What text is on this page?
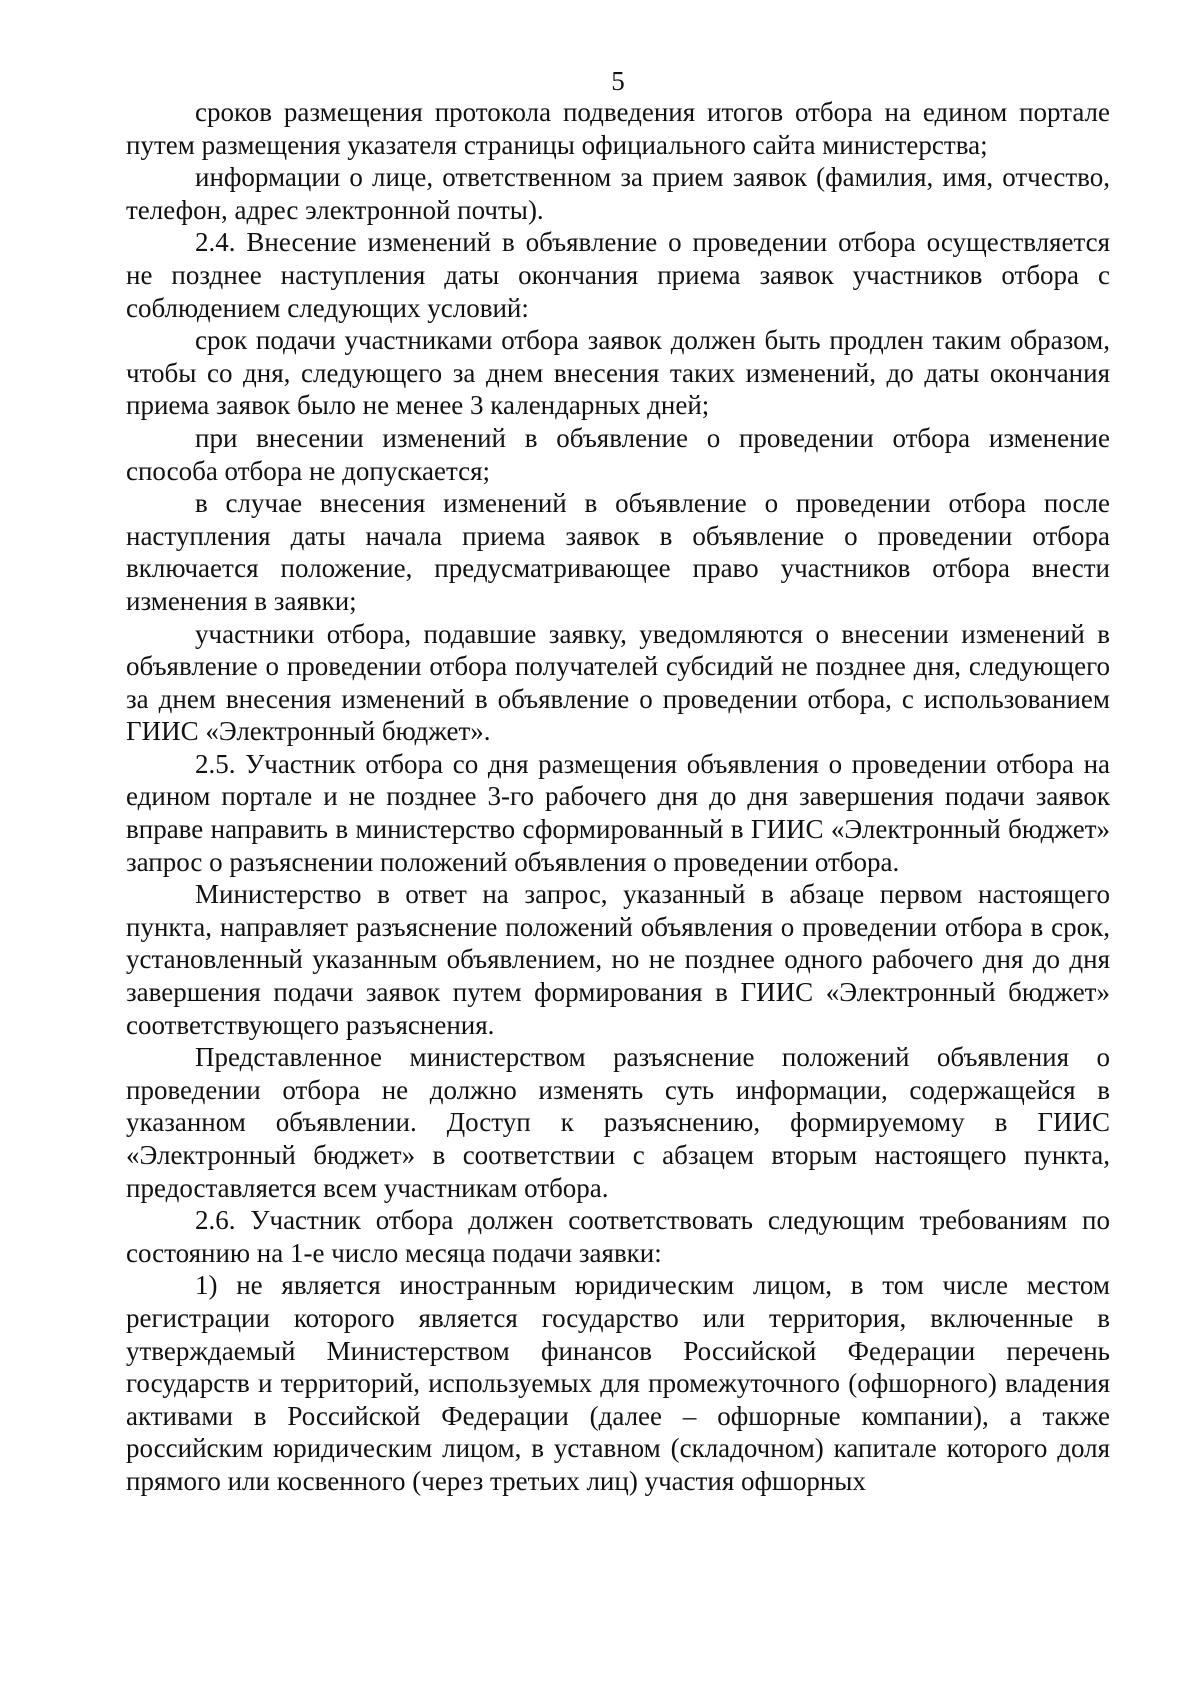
5

сроков размещения протокола подведения итогов отбора на едином портале путем размещения указателя страницы официального сайта министерства;

информации о лице, ответственном за прием заявок (фамилия, имя, отчество, телефон, адрес электронной почты).

2.4. Внесение изменений в объявление о проведении отбора осуществляется не позднее наступления даты окончания приема заявок участников отбора с соблюдением следующих условий:

срок подачи участниками отбора заявок должен быть продлен таким образом, чтобы со дня, следующего за днем внесения таких изменений, до даты окончания приема заявок было не менее 3 календарных дней;

при внесении изменений в объявление о проведении отбора изменение способа отбора не допускается;

в случае внесения изменений в объявление о проведении отбора после наступления даты начала приема заявок в объявление о проведении отбора включается положение, предусматривающее право участников отбора внести изменения в заявки;

участники отбора, подавшие заявку, уведомляются о внесении изменений в объявление о проведении отбора получателей субсидий не позднее дня, следующего за днем внесения изменений в объявление о проведении отбора, с использованием ГИИС «Электронный бюджет».

2.5. Участник отбора со дня размещения объявления о проведении отбора на едином портале и не позднее 3-го рабочего дня до дня завершения подачи заявок вправе направить в министерство сформированный в ГИИС «Электронный бюджет» запрос о разъяснении положений объявления о проведении отбора.

Министерство в ответ на запрос, указанный в абзаце первом настоящего пункта, направляет разъяснение положений объявления о проведении отбора в срок, установленный указанным объявлением, но не позднее одного рабочего дня до дня завершения подачи заявок путем формирования в ГИИС «Электронный бюджет» соответствующего разъяснения.

Представленное министерством разъяснение положений объявления о проведении отбора не должно изменять суть информации, содержащейся в указанном объявлении. Доступ к разъяснению, формируемому в ГИИС «Электронный бюджет» в соответствии с абзацем вторым настоящего пункта, предоставляется всем участникам отбора.

2.6. Участник отбора должен соответствовать следующим требованиям по состоянию на 1-е число месяца подачи заявки:

1) не является иностранным юридическим лицом, в том числе местом регистрации которого является государство или территория, включенные в утверждаемый Министерством финансов Российской Федерации перечень государств и территорий, используемых для промежуточного (офшорного) владения активами в Российской Федерации (далее – офшорные компании), а также российским юридическим лицом, в уставном (складочном) капитале которого доля прямого или косвенного (через третьих лиц) участия офшорных
